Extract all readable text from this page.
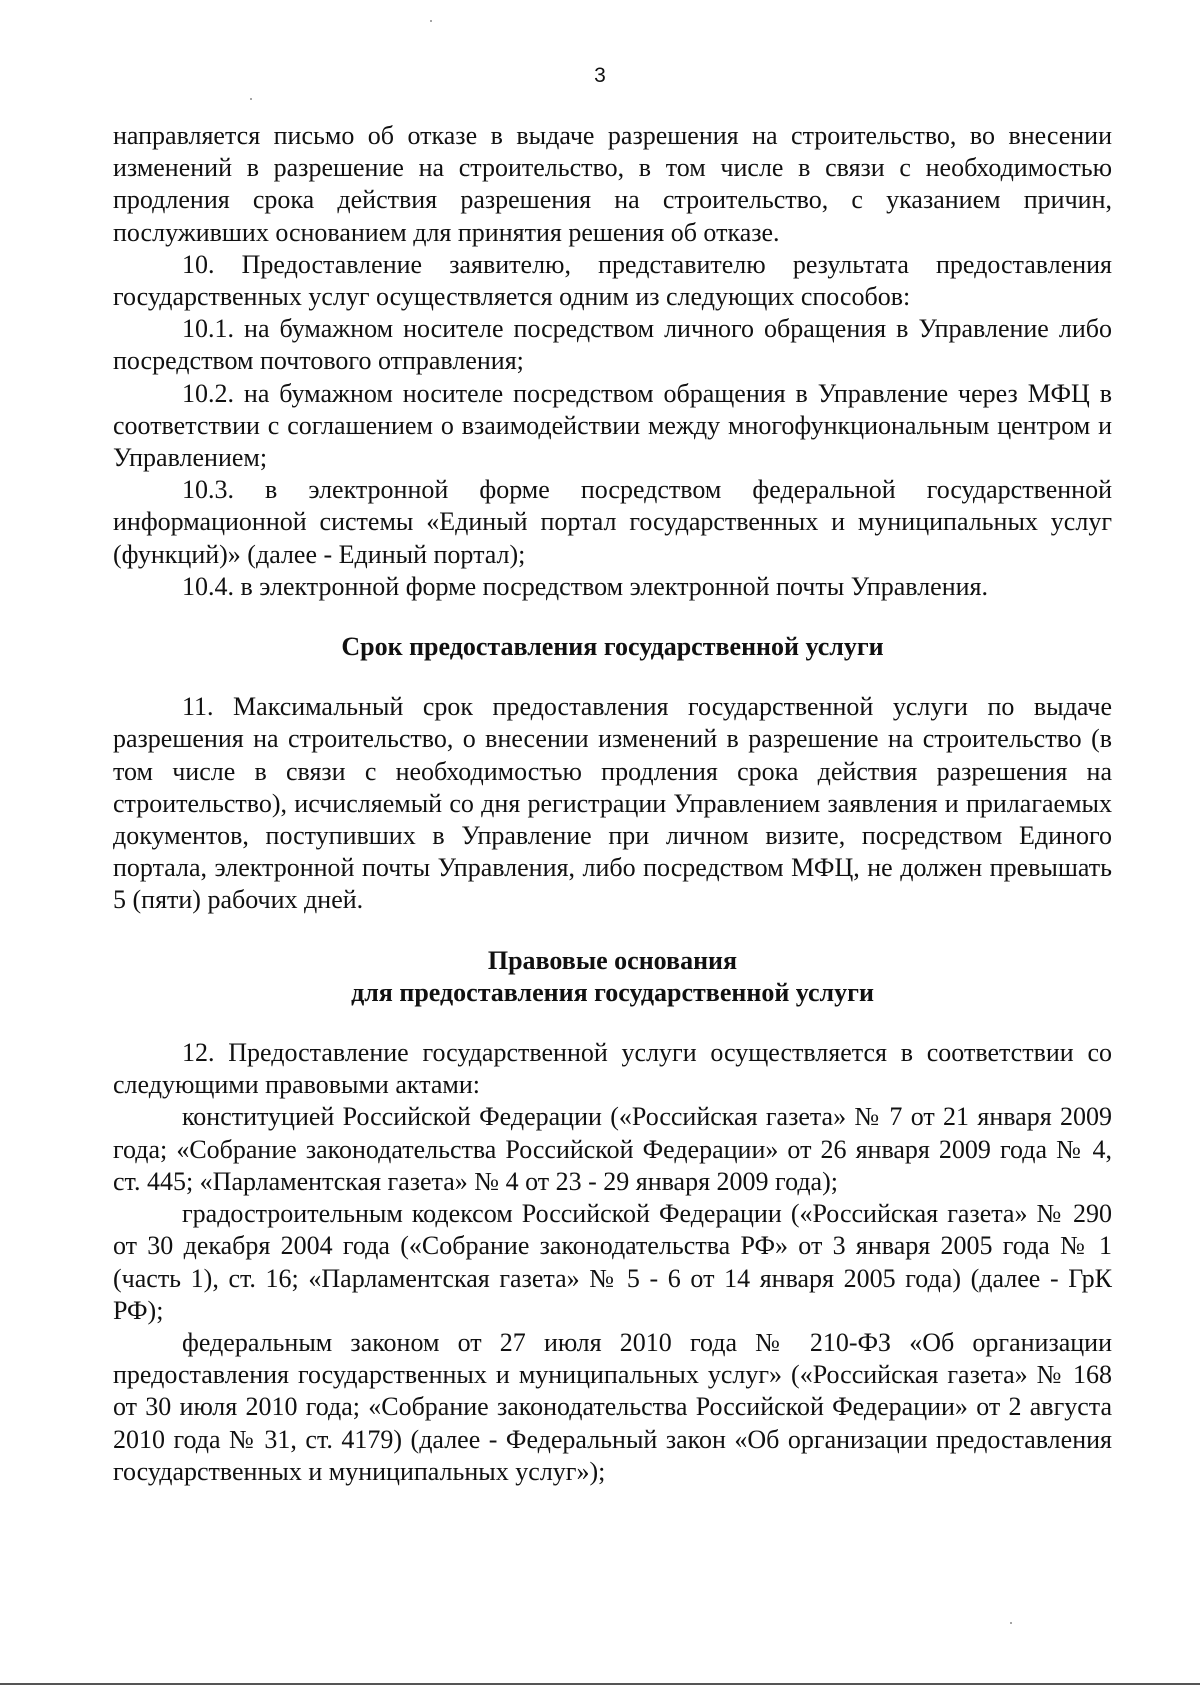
3

направляется письмо об отказе в выдаче разрешения на строительство, во внесении изменений в разрешение на строительство, в том числе в связи с необходимостью продления срока действия разрешения на строительство, с указанием причин, послуживших основанием для принятия решения об отказе.

10. Предоставление заявителю, представителю результата предоставления государственных услуг осуществляется одним из следующих способов:

10.1. на бумажном носителе посредством личного обращения в Управление либо посредством почтового отправления;

10.2. на бумажном носителе посредством обращения в Управление через МФЦ в соответствии с соглашением о взаимодействии между многофункциональным центром и Управлением;

10.3. в электронной форме посредством федеральной государственной информационной системы «Единый портал государственных и муниципальных услуг (функций)» (далее - Единый портал);

10.4. в электронной форме посредством электронной почты Управления.

Срок предоставления государственной услуги

11. Максимальный срок предоставления государственной услуги по выдаче разрешения на строительство, о внесении изменений в разрешение на строительство (в том числе в связи с необходимостью продления срока действия разрешения на строительство), исчисляемый со дня регистрации Управлением заявления и прилагаемых документов, поступивших в Управление при личном визите, посредством Единого портала, электронной почты Управления, либо посредством МФЦ, не должен превышать 5 (пяти) рабочих дней.

Правовые основания
для предоставления государственной услуги

12. Предоставление государственной услуги осуществляется в соответствии со следующими правовыми актами:

конституцией Российской Федерации («Российская газета» № 7 от 21 января 2009 года; «Собрание законодательства Российской Федерации» от 26 января 2009 года № 4, ст. 445; «Парламентская газета» № 4 от 23 - 29 января 2009 года);

градостроительным кодексом Российской Федерации («Российская газета» № 290 от 30 декабря 2004 года («Собрание законодательства РФ» от 3 января 2005 года № 1 (часть 1), ст. 16; «Парламентская газета» № 5 - 6 от 14 января 2005 года) (далее - ГрК РФ);

федеральным законом от 27 июля 2010 года № 210-ФЗ «Об организации предоставления государственных и муниципальных услуг» («Российская газета» № 168 от 30 июля 2010 года; «Собрание законодательства Российской Федерации» от 2 августа 2010 года № 31, ст. 4179) (далее - Федеральный закон «Об организации предоставления государственных и муниципальных услуг»);
